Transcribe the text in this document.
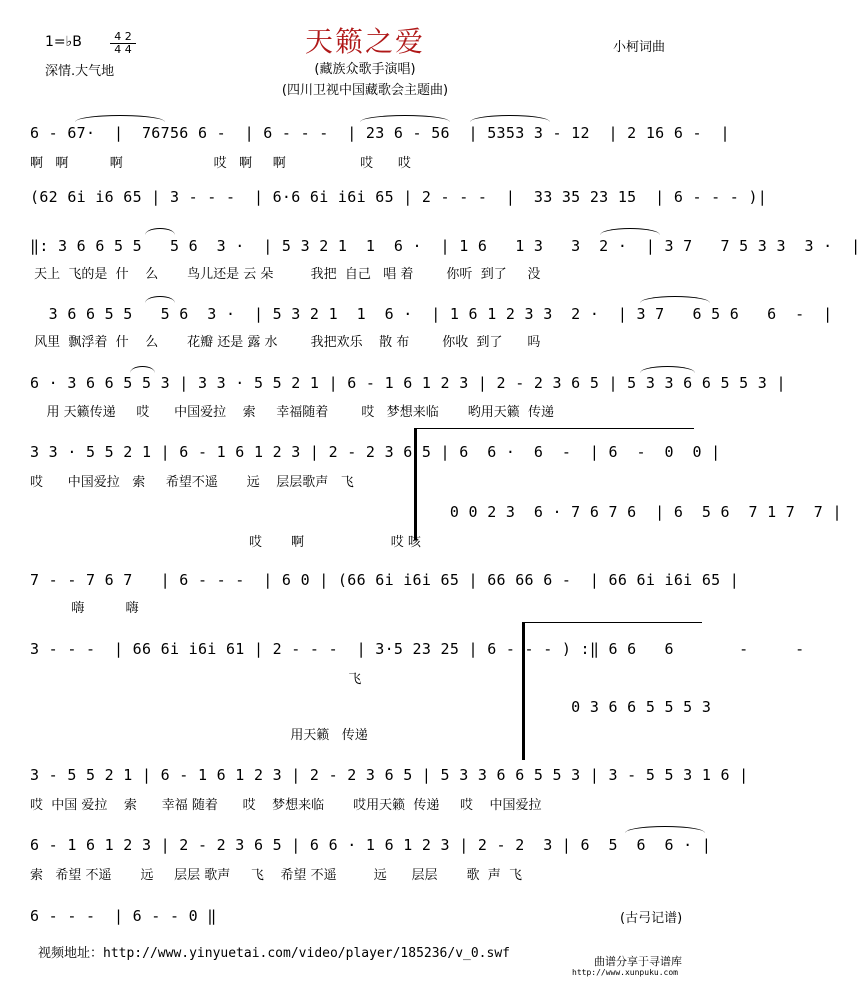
天籁之爱
1=♭B	4 2
4 4
深情.大气地
小柯词曲
(藏族众歌手演唱)
(四川卫视中国藏歌会主题曲)
6 - 67·  |  76756 6 -  | 6 - - -  | 23 6 - 56  | 5353 3 - 12  | 2 16 6 -  |
啊   啊          啊                      哎   啊     啊                  哎      哎
(62 6i i6 65 | 3 - - -  | 6·6 6i i6i 65 | 2 - - -  |  33 35 23 15  | 6 - - - )|
‖: 3 6 6 5 5   5 6  3 ·  | 5 3 2 1  1  6 ·  | 1 6   1 3   3  2 ·  | 3 7   7 5 3 3  3 ·  |
天上  飞的是  什    么       鸟儿还是 云 朵         我把  自己   唱 着        你听  到了     没
3 6 6 5 5   5 6  3 ·  | 5 3 2 1  1  6 ·  | 1 6 1 2 3 3  2 ·  | 3 7   6 5 6   6  -  |
风里  飘浮着  什    么       花瓣 还是 露 水        我把欢乐    散 布        你收  到了      吗
6 · 3 6 6 5 5 3 | 3 3 · 5 5 2 1 | 6 - 1 6 1 2 3 | 2 - 2 3 6 5 | 5 3 3 6 6 5 5 3 |
用 天籁传递     哎      中国爱拉    索     幸福随着        哎   梦想来临       哟用天籁  传递
3 3 · 5 5 2 1 | 6 - 1 6 1 2 3 | 2 - 2 3 6 5 | 6  6 ·  6  -  | 6  -  0  0 |
哎      中国爱拉   索     希望不遥       远    层层歌声   飞
0 0 2 3  6 · 7 6 7 6  | 6  5 6  7 1 7  7 |
哎       啊                     哎 咳
7 - - 7 6 7   | 6 - - -  | 6 0 | (66 6i i6i 65 | 66 66 6 -  | 66 6i i6i 65 |
嗨          嗨
3 - - -  | 66 6i i6i 61 | 2 - - -  | 3·5 23 25 | 6 - - - ) :‖ 6 6   6       -     -
飞
0 3 6 6 5 5 5 3
用天籁   传递
3 - 5 5 2 1 | 6 - 1 6 1 2 3 | 2 - 2 3 6 5 | 5 3 3 6 6 5 5 3 | 3 - 5 5 3 1 6 |
哎  中国 爱拉    索      幸福 随着      哎    梦想来临       哎用天籁  传递     哎    中国爱拉
6 - 1 6 1 2 3 | 2 - 2 3 6 5 | 6 6 · 1 6 1 2 3 | 2 - 2  3 | 6  5  6  6 · |
索   希望 不遥       远     层层 歌声     飞    希望 不遥         远      层层       歌  声  飞
6 - - -  | 6 - - 0 ‖	(古弓记谱)
视频地址：http://www.yinyuetai.com/video/player/185236/v_0.swf
曲谱分享于寻谱库
http://www.xunpuku.com
